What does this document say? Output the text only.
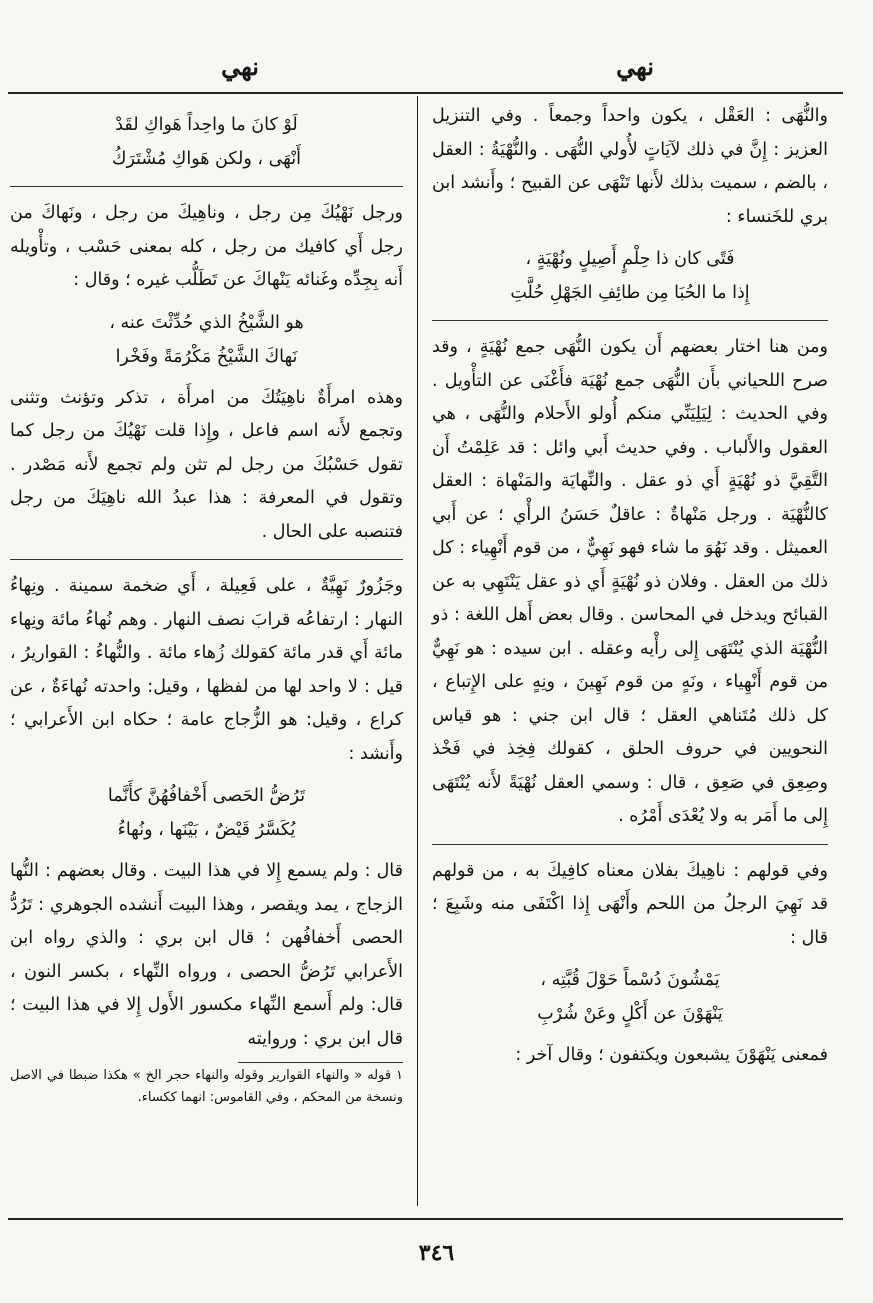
نهي	نهي

والنُّهَى : العَقْل ، يكون واحداً وجمعاً . وفي التنزيل العزيز : إِنَّ في ذلك لآيَاتٍ لأُولي النُّهَى . والنُّهْيَةُ : العقل ، بالضم ، سميت بذلك لأَنها تَنْهَى عن القبيح ؛ وأَنشد ابن بري للخَنساء :

فَتًى كان ذا حِلْمٍ أَصِيلٍ ونُهْيَةٍ ،
إِذا ما الحُبَا مِن طائِفِ الجَهْلِ حُلَّتِ

ومن هنا اختار بعضهم أَن يكون النُّهَى جمع نُهْيَةٍ ، وقد صرح اللحياني بأَن النُّهَى جمع نُهْيَة فأَغْنَى عن التأْويل . وفي الحديث : لِيَلِيَنِّي منكم أُولو الأَحلام والنُّهَى ، هي العقول والأَلباب . وفي حديث أَبي وائل : قد عَلِمْتُ أَن التَّقِيَّ ذو نُهْيَةٍ أَي ذو عقل . والنِّهايَة والمَنْهاة : العقل كالنُّهْيَة . ورجل مَنْهاةٌ : عاقلٌ حَسَنُ الرأْي ؛ عن أَبي العميثل . وقد نَهُوَ ما شاء فهو نَهِيٌّ ، من قوم أَنْهِياء : كل ذلك من العقل . وفلان ذو نُهْيَةٍ أَي ذو عقل يَنْتَهِي به عن القبائح ويدخل في المحاسن . وقال بعض أَهل اللغة : ذو النُّهْيَة الذي يُنْتَهَى إِلى رأْيه وعقله . ابن سيده : هو نَهِيٌّ من قوم أَنْهِياء ، ونَهٍ من قوم نَهِينَ ، ونِهٍ على الإِتباع ، كل ذلك مُتَناهي العقل ؛ قال ابن جني : هو قياس النحويين في حروف الحلق ، كقولك فِخِذ في فَخْذ وصِعِق في صَعِق ، قال : وسمي العقل نُهْيَةً لأَنه يُنْتَهَى إِلى ما أَمَر به ولا يُعْدَى أَمْرُه .

وفي قولهم : ناهِيكَ بفلان معناه كافِيكَ به ، من قولهم قد نَهِيَ الرجلُ من اللحم وأَنْهَى إِذا اكْتَفَى منه وشَبِعَ ؛ قال :

يَمْشُونَ دُسْماً حَوْلَ قُبَّتِه ،
يَنْهَوْنَ عن أَكْلٍ وعَنْ شُرْبِ

فمعنى يَنْهَوْنَ يشبعون ويكتفون ؛ وقال آخر :

لَوْ كانَ ما واحِداً هَواكِ لقَدْ
أَنْهَى ، ولكن هَواكِ مُشْتَرَكُ

ورجل نَهْيُكَ مِن رجل ، وناهِيكَ من رجل ، ونَهاكَ من رجل أَي كافيك من رجل ، كله بمعنى حَسْب ، وتأْويله أَنه بِجِدِّه وغَنائه يَنْهاكَ عن تَطَلُّب غيره ؛ وقال :

هو الشَّيْخُ الذي حُدِّثْتَ عنه ،
نَهاكَ الشَّيْخُ مَكْرُمَةً وفَخْرا

وهذه امرأَةٌ ناهِيَتُكَ من امرأَة ، تذكر وتؤنث وتثنى وتجمع لأَنه اسم فاعل ، وإِذا قلت نَهْيُكَ من رجل كما تقول حَسْبُكَ من رجل لم تثن ولم تجمع لأَنه مَصْدر . وتقول في المعرفة : هذا عبدُ الله ناهِيَكَ من رجل فتنصبه على الحال .

وجَزُورٌ نَهِيَّةٌ ، على فَعِيلة ، أَي ضخمة سمينة . ونِهاءُ النهار : ارتفاعُه قرابَ نصف النهار . وهم نُهاءُ مائة ونِهاء مائة أَي قدر مائة كقولك زُهاء مائة . والنُّهاءُ : القواريرُ ، قيل : لا واحد لها من لفظها ، وقيل: واحدته نُهاءَةٌ ، عن كراع ، وقيل: هو الزُّجاج عامة ؛ حكاه ابن الأَعرابي ؛ وأَنشد :

تَرُضُّ الحَصى أَخْفافُهُنَّ كأَنَّما
يُكَسَّرُ قَيْضٌ ، بَيْنَها ، ونُهاءُ

قال : ولم يسمع إِلا في هذا البيت . وقال بعضهم : النُّها الزجاج ، يمد ويقصر ، وهذا البيت أَنشده الجوهري : تَرُدُّ الحصى أَخفافُهن ؛ قال ابن بري : والذي رواه ابن الأَعرابي تَرُضُّ الحصى ، ورواه النِّهاء ، بكسر النون ، قال: ولم أَسمع النِّهاء مكسور الأَول إِلا في هذا البيت ؛ قال ابن بري : وروايته

١ قوله « والنهاء القوارير وقوله والنهاء حجر الخ » هكذا ضبطا في الاصل ونسخة من المحكم ، وفي القاموس: انهما ككساء.

٣٤٦
